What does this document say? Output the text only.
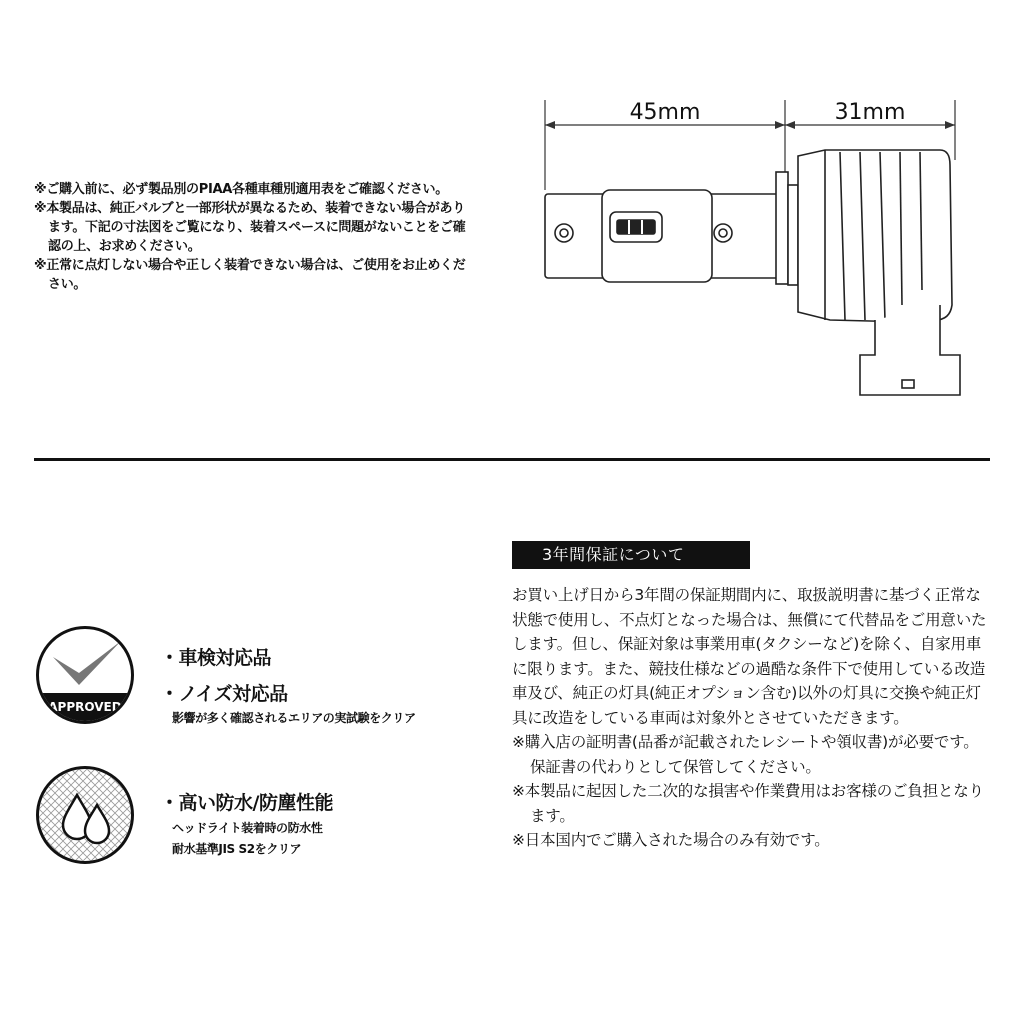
※ご購入前に、必ず製品別のPIAA各種車種別適用表をご確認ください。

※本製品は、純正バルブと一部形状が異なるため、装着できない場合があります。下記の寸法図をご覧になり、装着スペースに問題がないことをご確認の上、お求めください。

※正常に点灯しない場合や正しく装着できない場合は、ご使用をお止めください。

45mm	31mm
APPROVED
・車検対応品
・ノイズ対応品
影響が多く確認されるエリアの実試験をクリア
・高い防水/防塵性能
ヘッドライト装着時の防水性
耐水基準JIS S2をクリア
3年間保証について

お買い上げ日から3年間の保証期間内に、取扱説明書に基づく正常な状態で使用し、不点灯となった場合は、無償にて代替品をご用意いたします。但し、保証対象は事業用車(タクシーなど)を除く、自家用車に限ります。また、競技仕様などの過酷な条件下で使用している改造車及び、純正の灯具(純正オプション含む)以外の灯具に交換や純正灯具に改造をしている車両は対象外とさせていただきます。

※購入店の証明書(品番が記載されたレシートや領収書)が必要です。保証書の代わりとして保管してください。

※本製品に起因した二次的な損害や作業費用はお客様のご負担となります。

※日本国内でご購入された場合のみ有効です。
